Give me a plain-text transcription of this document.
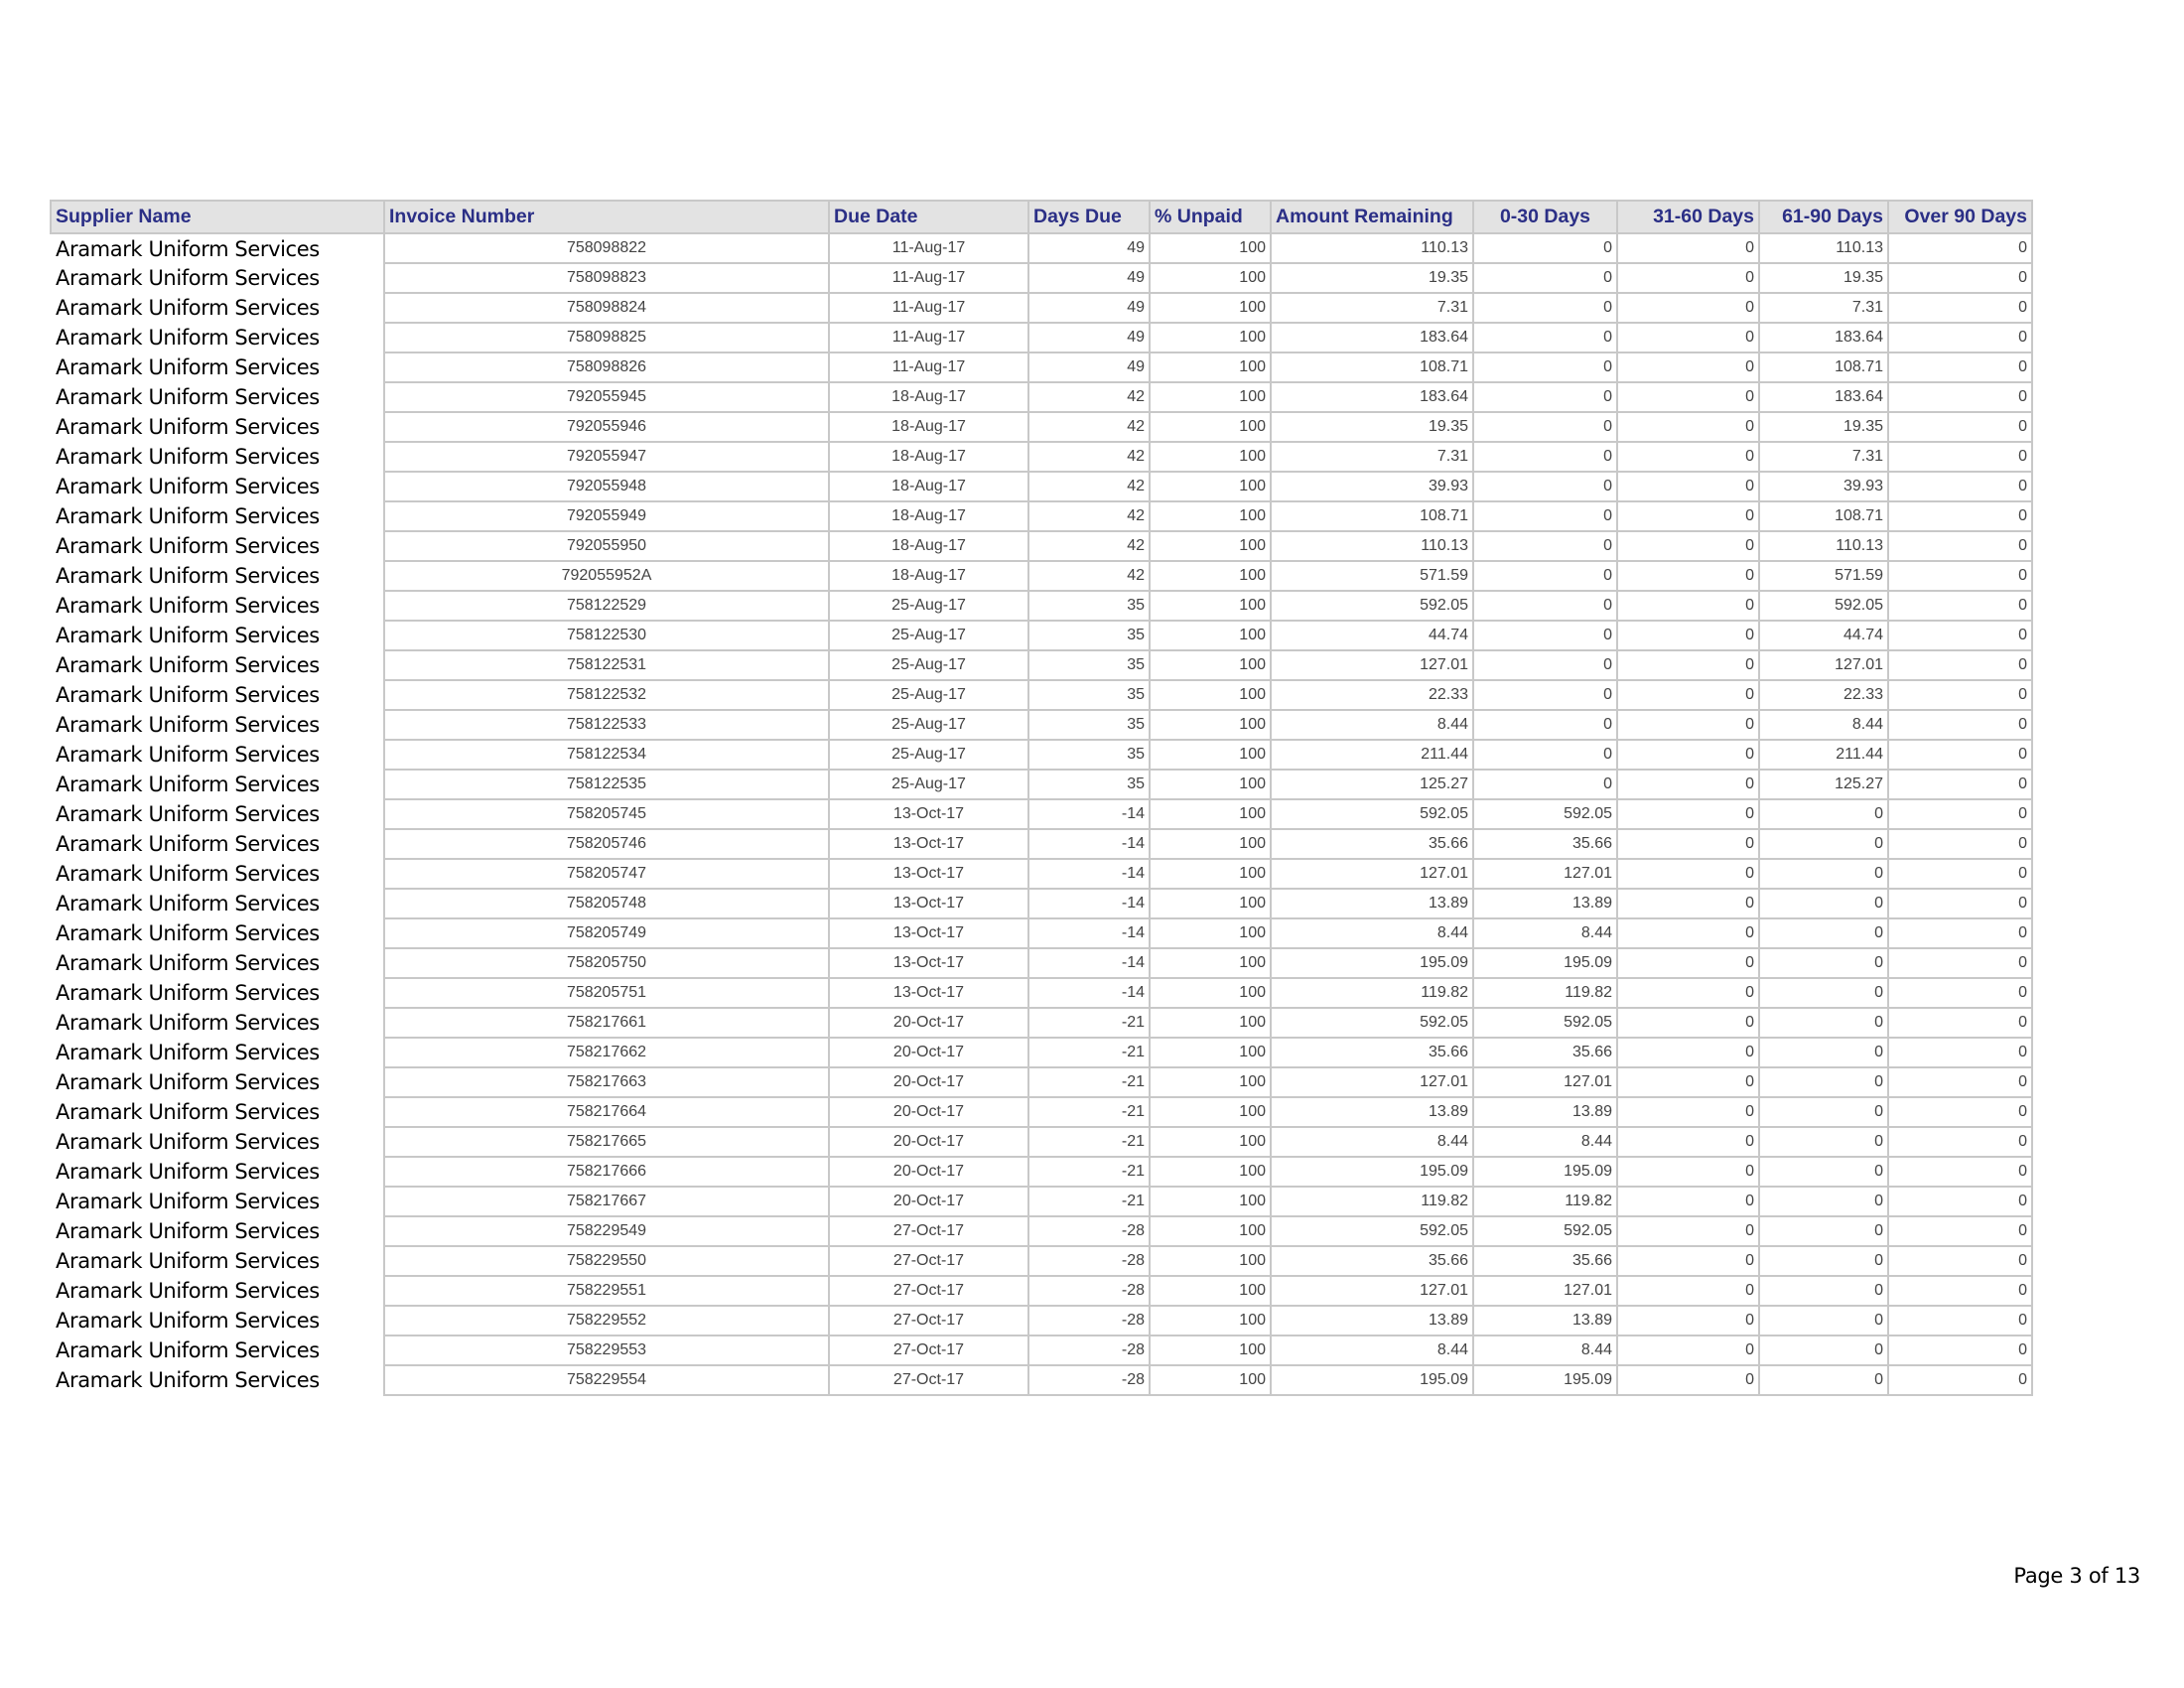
Supplier Name	Invoice Number	Due Date	Days Due	% Unpaid	Amount Remaining	0-30 Days	31-60 Days	61-90 Days	Over 90 Days
Aramark Uniform Services	758098822	11-Aug-17	49	100	110.13	0	0	110.13	0
Aramark Uniform Services	758098823	11-Aug-17	49	100	19.35	0	0	19.35	0
Aramark Uniform Services	758098824	11-Aug-17	49	100	7.31	0	0	7.31	0
Aramark Uniform Services	758098825	11-Aug-17	49	100	183.64	0	0	183.64	0
Aramark Uniform Services	758098826	11-Aug-17	49	100	108.71	0	0	108.71	0
Aramark Uniform Services	792055945	18-Aug-17	42	100	183.64	0	0	183.64	0
Aramark Uniform Services	792055946	18-Aug-17	42	100	19.35	0	0	19.35	0
Aramark Uniform Services	792055947	18-Aug-17	42	100	7.31	0	0	7.31	0
Aramark Uniform Services	792055948	18-Aug-17	42	100	39.93	0	0	39.93	0
Aramark Uniform Services	792055949	18-Aug-17	42	100	108.71	0	0	108.71	0
Aramark Uniform Services	792055950	18-Aug-17	42	100	110.13	0	0	110.13	0
Aramark Uniform Services	792055952A	18-Aug-17	42	100	571.59	0	0	571.59	0
Aramark Uniform Services	758122529	25-Aug-17	35	100	592.05	0	0	592.05	0
Aramark Uniform Services	758122530	25-Aug-17	35	100	44.74	0	0	44.74	0
Aramark Uniform Services	758122531	25-Aug-17	35	100	127.01	0	0	127.01	0
Aramark Uniform Services	758122532	25-Aug-17	35	100	22.33	0	0	22.33	0
Aramark Uniform Services	758122533	25-Aug-17	35	100	8.44	0	0	8.44	0
Aramark Uniform Services	758122534	25-Aug-17	35	100	211.44	0	0	211.44	0
Aramark Uniform Services	758122535	25-Aug-17	35	100	125.27	0	0	125.27	0
Aramark Uniform Services	758205745	13-Oct-17	-14	100	592.05	592.05	0	0	0
Aramark Uniform Services	758205746	13-Oct-17	-14	100	35.66	35.66	0	0	0
Aramark Uniform Services	758205747	13-Oct-17	-14	100	127.01	127.01	0	0	0
Aramark Uniform Services	758205748	13-Oct-17	-14	100	13.89	13.89	0	0	0
Aramark Uniform Services	758205749	13-Oct-17	-14	100	8.44	8.44	0	0	0
Aramark Uniform Services	758205750	13-Oct-17	-14	100	195.09	195.09	0	0	0
Aramark Uniform Services	758205751	13-Oct-17	-14	100	119.82	119.82	0	0	0
Aramark Uniform Services	758217661	20-Oct-17	-21	100	592.05	592.05	0	0	0
Aramark Uniform Services	758217662	20-Oct-17	-21	100	35.66	35.66	0	0	0
Aramark Uniform Services	758217663	20-Oct-17	-21	100	127.01	127.01	0	0	0
Aramark Uniform Services	758217664	20-Oct-17	-21	100	13.89	13.89	0	0	0
Aramark Uniform Services	758217665	20-Oct-17	-21	100	8.44	8.44	0	0	0
Aramark Uniform Services	758217666	20-Oct-17	-21	100	195.09	195.09	0	0	0
Aramark Uniform Services	758217667	20-Oct-17	-21	100	119.82	119.82	0	0	0
Aramark Uniform Services	758229549	27-Oct-17	-28	100	592.05	592.05	0	0	0
Aramark Uniform Services	758229550	27-Oct-17	-28	100	35.66	35.66	0	0	0
Aramark Uniform Services	758229551	27-Oct-17	-28	100	127.01	127.01	0	0	0
Aramark Uniform Services	758229552	27-Oct-17	-28	100	13.89	13.89	0	0	0
Aramark Uniform Services	758229553	27-Oct-17	-28	100	8.44	8.44	0	0	0
Aramark Uniform Services	758229554	27-Oct-17	-28	100	195.09	195.09	0	0	0
Page 3 of 13
